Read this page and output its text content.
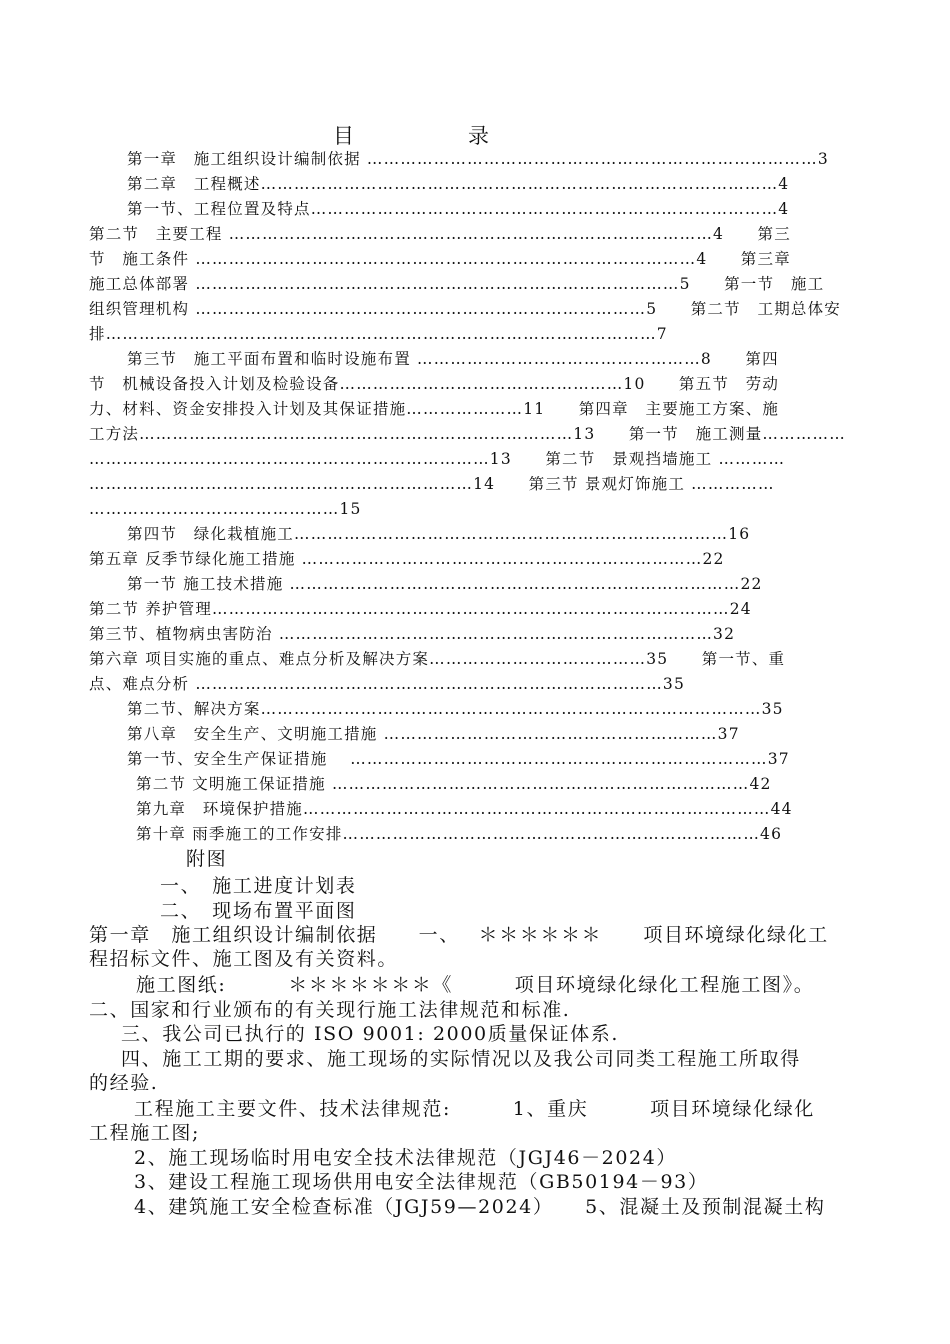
目	录
第一章　施工组织设计编制依据 ………………………………………………………………………3
第二章　工程概述…………………………………………………………………………………4
第一节、工程位置及特点…………………………………………………………………………4
第二节　主要工程 ……………………………………………………………………………4　　第三
节　施工条件 ………………………………………………………………………………4　　第三章
施工总体部署 ……………………………………………………………………………5　　第一节　施工
组织管理机构 ………………………………………………………………………5　　第二节　工期总体安
排………………………………………………………………………………………7
第三节　施工平面布置和临时设施布置 ……………………………………………8　　第四
节　机械设备投入计划及检验设备……………………………………………10　　第五节　劳动
力、材料、资金安排投入计划及其保证措施…………………11　　第四章　主要施工方案、施
工方法……………………………………………………………………13　　第一节　施工测量……………
………………………………………………………………13　　第二节　景观挡墙施工 …………
……………………………………………………………14　　第三节 景观灯饰施工 ……………
………………………………………15
第四节　绿化栽植施工……………………………………………………………………16
第五章 反季节绿化施工措施 ………………………………………………………………22
第一节 施工技术措施 ………………………………………………………………………22
第二节 养护管理…………………………………………………………………………………24
第三节、植物病虫害防治 ……………………………………………………………………32
第六章 项目实施的重点、难点分析及解决方案…………………………………35　　第一节、重
点、难点分析 …………………………………………………………………………35
第二节、解决方案………………………………………………………………………………35
第八章　安全生产、文明施工措施 ……………………………………………………37
第一节、安全生产保证措施　 …………………………………………………………………37
第二节 文明施工保证措施 …………………………………………………………………42
第九章　环境保护措施…………………………………………………………………………44
第十章 雨季施工的工作安排…………………………………………………………………46
附图
一、　施工进度计划表
二、　现场布置平面图
第一章　施工组织设计编制依据　　一、　 ＊＊＊＊＊＊　　项目环境绿化绿化工
程招标文件、施工图及有关资料。
施工图纸:　　　＊＊＊＊＊＊＊《　　　项目环境绿化绿化工程施工图》。
二、国家和行业颁布的有关现行施工法律规范和标准.
三、我公司已执行的 ISO 9001: 2000质量保证体系.
四、施工工期的要求、施工现场的实际情况以及我公司同类工程施工所取得
的经验.
工程施工主要文件、技术法律规范:　　　1、重庆　　　项目环境绿化绿化
工程施工图;
2、施工现场临时用电安全技术法律规范（JGJ46－2024）
3、建设工程施工现场供用电安全法律规范（GB50194－93）
4、建筑施工安全检查标准（JGJ59—2024）　　5、混凝土及预制混凝土构
